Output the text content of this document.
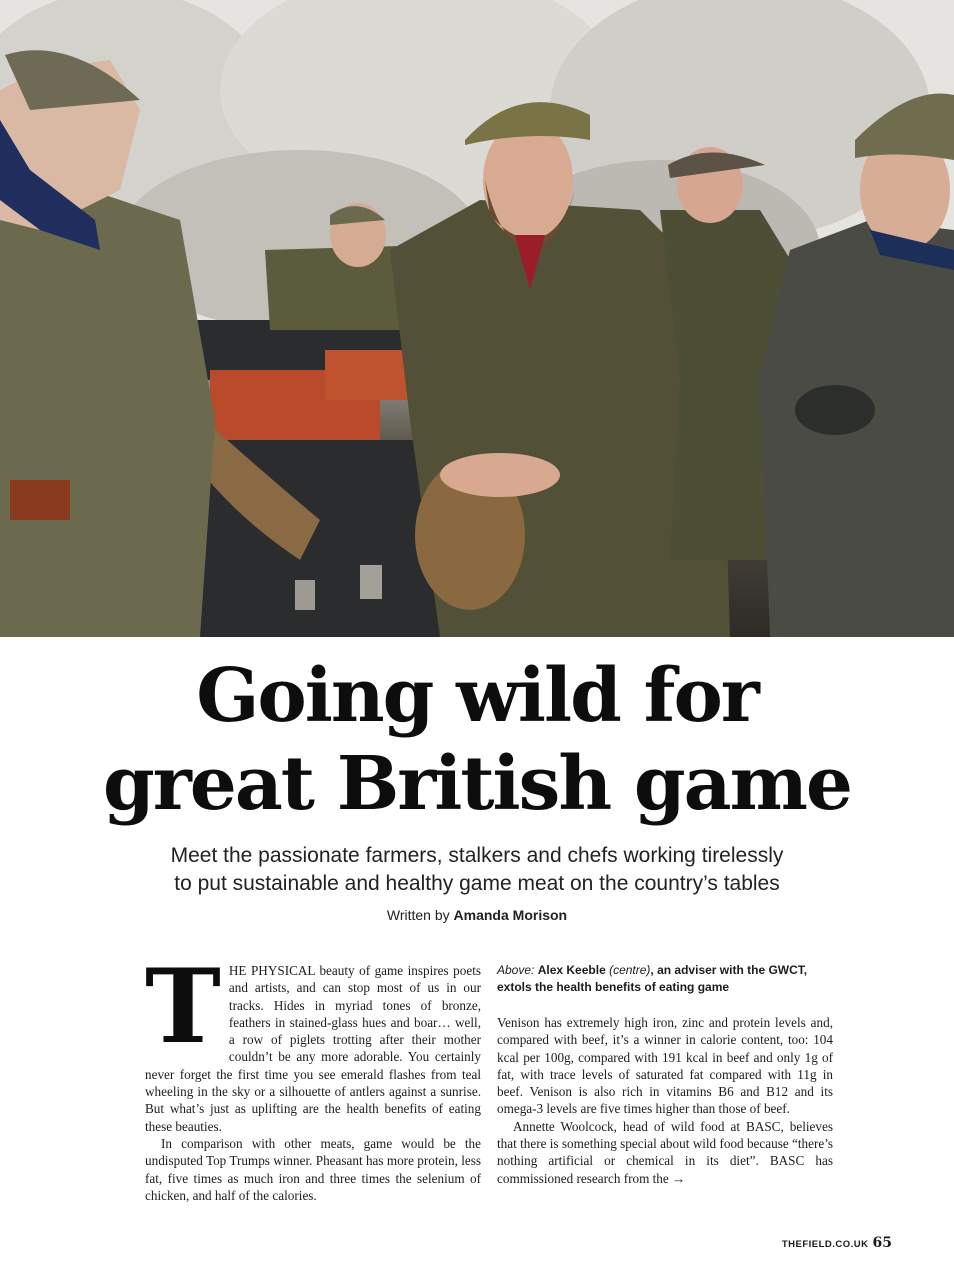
Going wild for
great British game
Meet the passionate farmers, stalkers and chefs working tirelessly
to put sustainable and healthy game meat on the country’s tables
Written by Amanda Morison

THE PHYSICAL beauty of game inspires poets and artists, and can stop most of us in our tracks. Hides in myriad tones of bronze, feathers in stained-glass hues and boar… well, a row of piglets trotting after their mother couldn’t be any more adorable. You certainly never forget the first time you see emerald flashes from teal wheeling in the sky or a silhouette of antlers against a sunrise. But what’s just as uplifting are the health benefits of eating these beauties.

In comparison with other meats, game would be the undisputed Top Trumps winner. Pheasant has more protein, less fat, five times as much iron and three times the selenium of chicken, and half of the calories.

Above: Alex Keeble (centre), an adviser with the GWCT, extols the health benefits of eating game

Venison has extremely high iron, zinc and protein levels and, compared with beef, it’s a winner in calorie content, too: 104 kcal per 100g, compared with 191 kcal in beef and only 1g of fat, with trace levels of saturated fat compared with 11g in beef. Venison is also rich in vitamins B6 and B12 and its omega-3 levels are five times higher than those of beef.

Annette Woolcock, head of wild food at BASC, believes that there is something special about wild food because “there’s nothing artificial or chemical in its diet”. BASC has commissioned research from the →

THEFIELD.CO.UK 65
